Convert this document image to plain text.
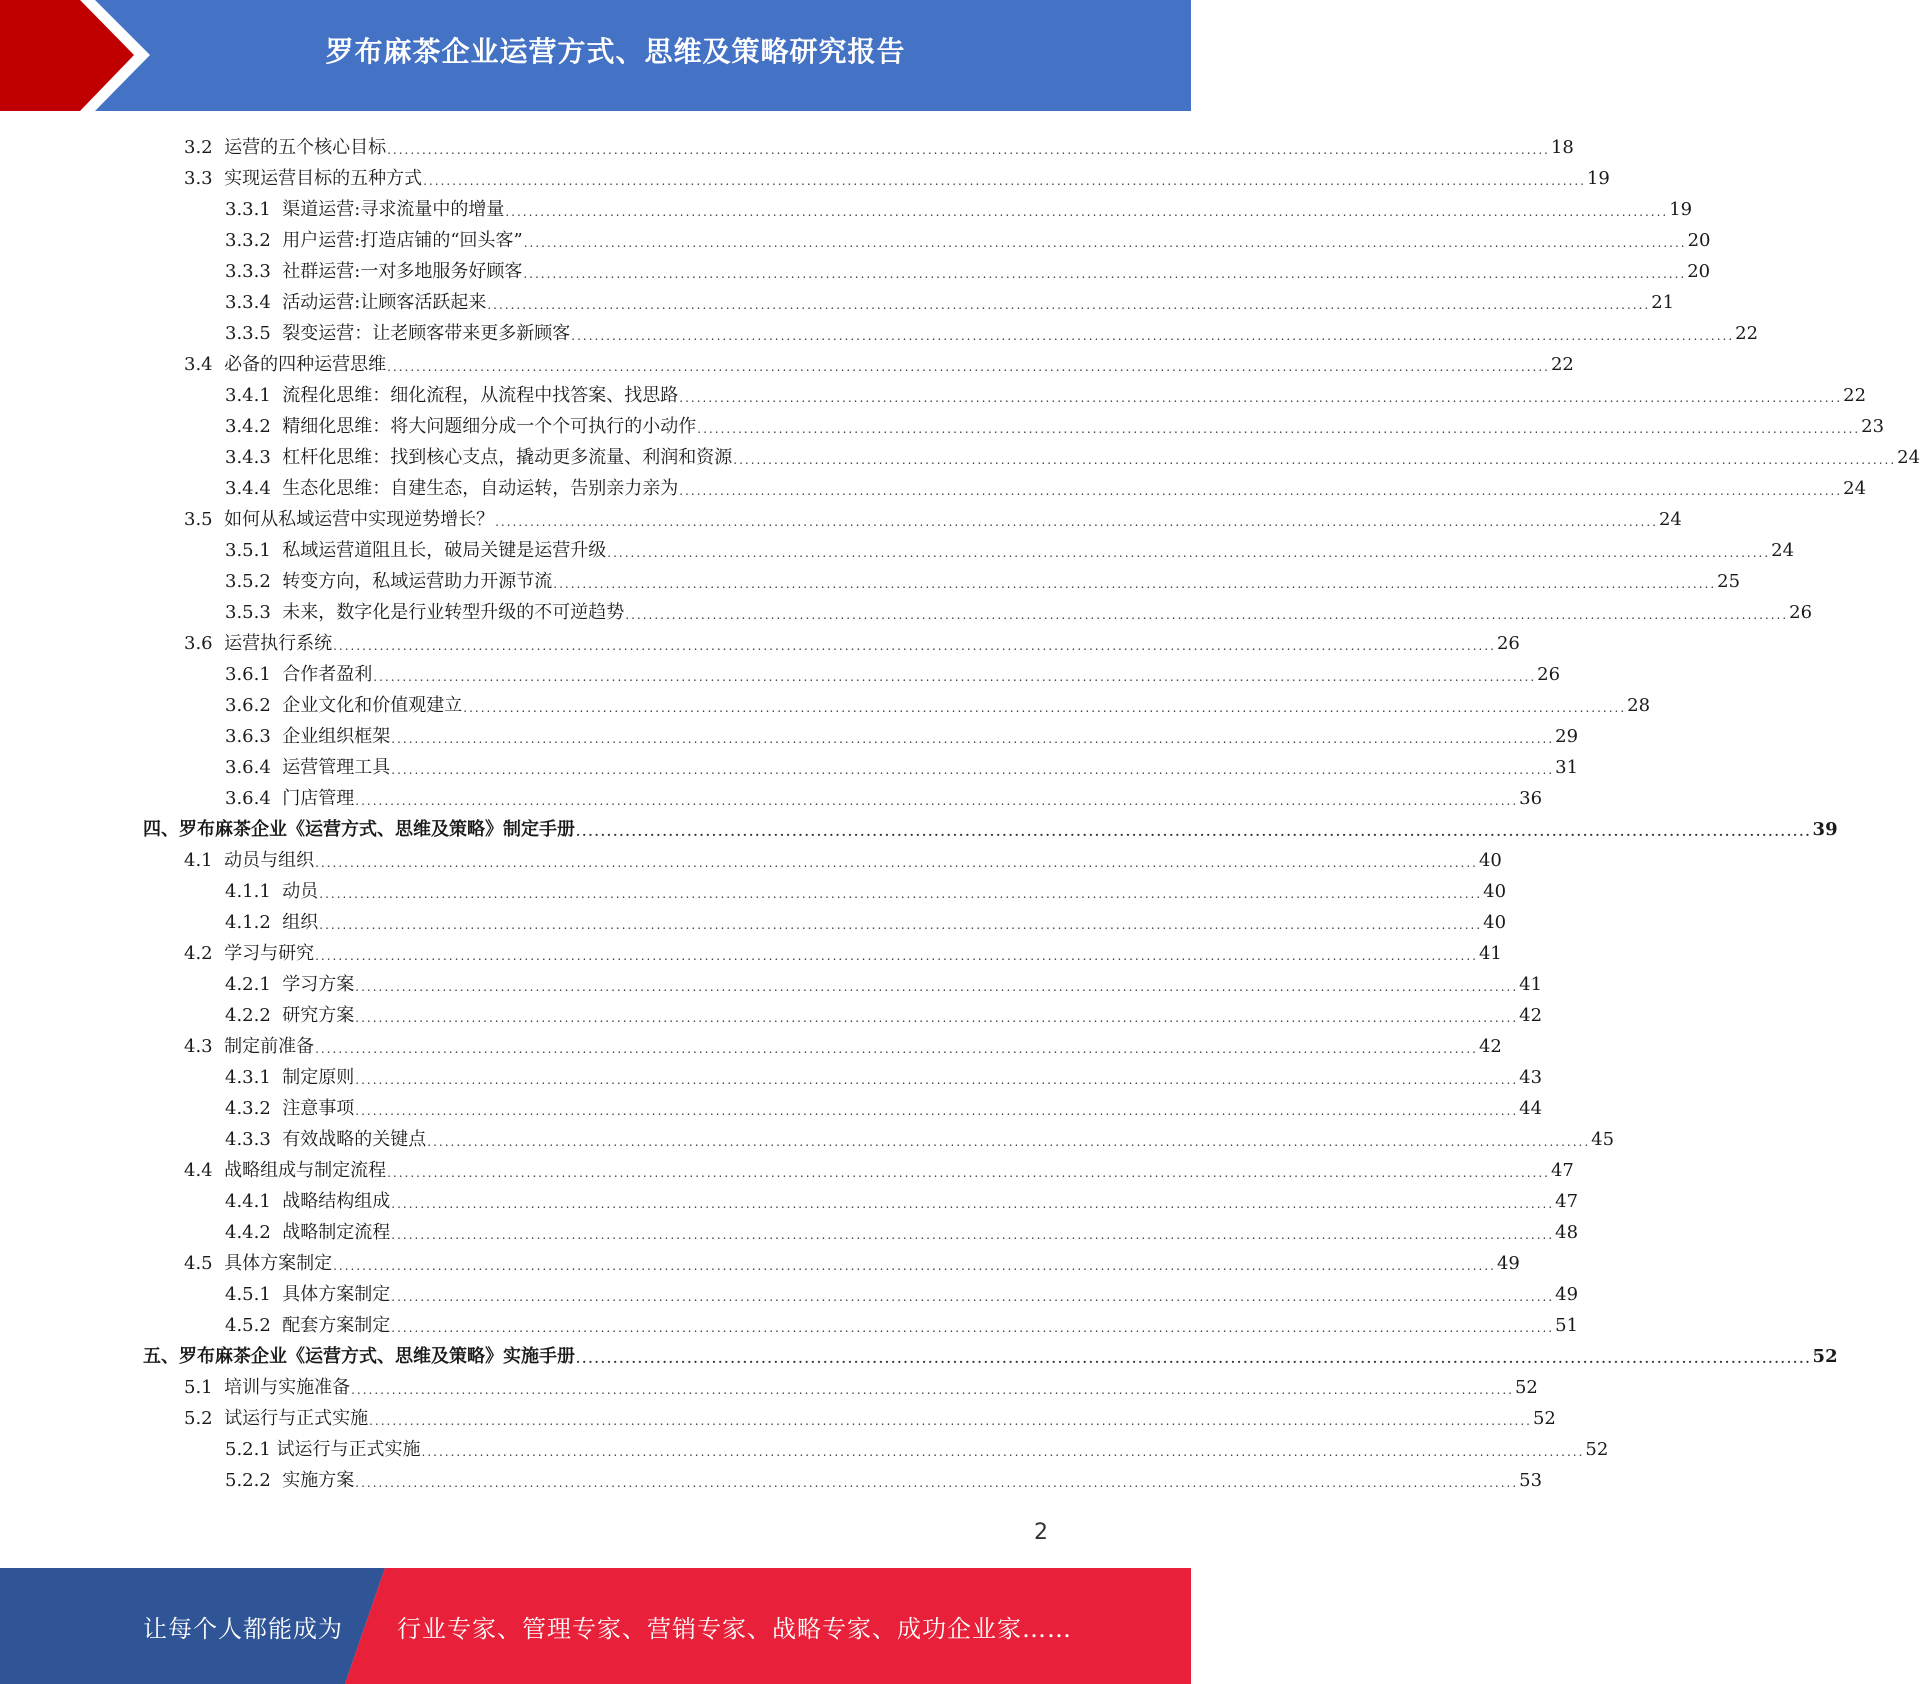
罗布麻茶企业运营方式、思维及策略研究报告
3.2 运营的五个核心目标 ........................................................................................................................................................................................................ 18
3.3 实现运营目标的五种方式 ........................................................................................................................................................................................................ 19
3.3.1 渠道运营:寻求流量中的增量 ........................................................................................................................................................................................................ 19
3.3.2 用户运营:打造店铺的“回头客” ........................................................................................................................................................................................................ 20
3.3.3 社群运营:一对多地服务好顾客 ........................................................................................................................................................................................................ 20
3.3.4 活动运营:让顾客活跃起来 ........................................................................................................................................................................................................ 21
3.3.5 裂变运营：让老顾客带来更多新顾客 ........................................................................................................................................................................................................ 22
3.4 必备的四种运营思维 ........................................................................................................................................................................................................ 22
3.4.1 流程化思维：细化流程，从流程中找答案、找思路 ........................................................................................................................................................................................................ 22
3.4.2 精细化思维：将大问题细分成一个个可执行的小动作 ........................................................................................................................................................................................................ 23
3.4.3 杠杆化思维：找到核心支点，撬动更多流量、利润和资源 ........................................................................................................................................................................................................ 24
3.4.4 生态化思维：自建生态，自动运转，告别亲力亲为 ........................................................................................................................................................................................................ 24
3.5 如何从私域运营中实现逆势增长？ ........................................................................................................................................................................................................ 24
3.5.1 私域运营道阻且长，破局关键是运营升级 ........................................................................................................................................................................................................ 24
3.5.2 转变方向，私域运营助力开源节流 ........................................................................................................................................................................................................ 25
3.5.3 未来，数字化是行业转型升级的不可逆趋势 ........................................................................................................................................................................................................ 26
3.6 运营执行系统 ........................................................................................................................................................................................................ 26
3.6.1 合作者盈利 ........................................................................................................................................................................................................ 26
3.6.2 企业文化和价值观建立 ........................................................................................................................................................................................................ 28
3.6.3 企业组织框架 ........................................................................................................................................................................................................ 29
3.6.4 运营管理工具 ........................................................................................................................................................................................................ 31
3.6.4 门店管理 ........................................................................................................................................................................................................ 36
四、 罗布麻茶企业《运营方式、思维及策略》制定手册 ........................................................................................................................................................................................................ 39
4.1 动员与组织 ........................................................................................................................................................................................................ 40
4.1.1 动员 ........................................................................................................................................................................................................ 40
4.1.2 组织 ........................................................................................................................................................................................................ 40
4.2 学习与研究 ........................................................................................................................................................................................................ 41
4.2.1 学习方案 ........................................................................................................................................................................................................ 41
4.2.2 研究方案 ........................................................................................................................................................................................................ 42
4.3 制定前准备 ........................................................................................................................................................................................................ 42
4.3.1 制定原则 ........................................................................................................................................................................................................ 43
4.3.2 注意事项 ........................................................................................................................................................................................................ 44
4.3.3 有效战略的关键点 ........................................................................................................................................................................................................ 45
4.4 战略组成与制定流程 ........................................................................................................................................................................................................ 47
4.4.1 战略结构组成 ........................................................................................................................................................................................................ 47
4.4.2 战略制定流程 ........................................................................................................................................................................................................ 48
4.5 具体方案制定 ........................................................................................................................................................................................................ 49
4.5.1 具体方案制定 ........................................................................................................................................................................................................ 49
4.5.2 配套方案制定 ........................................................................................................................................................................................................ 51
五、 罗布麻茶企业《运营方式、思维及策略》实施手册 ........................................................................................................................................................................................................ 52
5.1 培训与实施准备 ........................................................................................................................................................................................................ 52
5.2 试运行与正式实施 ........................................................................................................................................................................................................ 52
5.2.1 试运行与正式实施 ........................................................................................................................................................................................................ 52
5.2.2 实施方案 ........................................................................................................................................................................................................ 53
2
让每个人都能成为 行业专家、管理专家、营销专家、战略专家、成功企业家……
